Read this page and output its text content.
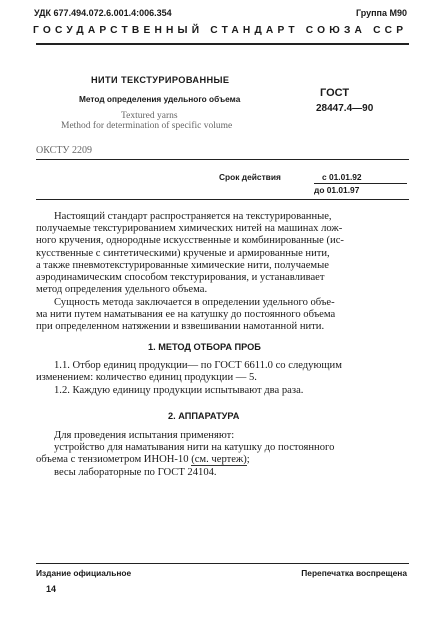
УДК 677.494.072.6.001.4:006.354	Группа М90
ГОСУДАРСТВЕННЫЙ СТАНДАРТ СОЮЗА ССР
НИТИ ТЕКСТУРИРОВАННЫЕ
Метод определения удельного объема
Textured yarns
Method for determination of specific volume
ГОСТ
28447.4—90
ОКСТУ 2209
Срок действия	с 01.01.92
до 01.01.97
Настоящий стандарт распространяется на текстурированные,
получаемые текстурированием химических нитей на машинах лож-
ного кручения, однородные искусственные и комбинированные (ис-
кусственные с синтетическими) крученые и армированные нити,
а также пневмотекстурированные химические нити, получаемые
аэродинамическим способом текстурирования, и устанавливает
метод определения удельного объема.
Сущность метода заключается в определении удельного объе-
ма нити путем наматывания ее на катушку до постоянного объема
при определенном натяжении и взвешивании намотанной нити.
1. МЕТОД ОТБОРА ПРОБ
1.1. Отбор единиц продукции— по ГОСТ 6611.0 со следующим
изменением: количество единиц продукции — 5.
1.2. Каждую единицу продукции испытывают два раза.
2. АППАРАТУРА
Для проведения испытания применяют:
устройство для наматывания нити на катушку до постоянного
объема с тензиометром ИНОН-10 (см. чертеж);
весы лабораторные по ГОСТ 24104.
Издание официальное	Перепечатка воспрещена
14
